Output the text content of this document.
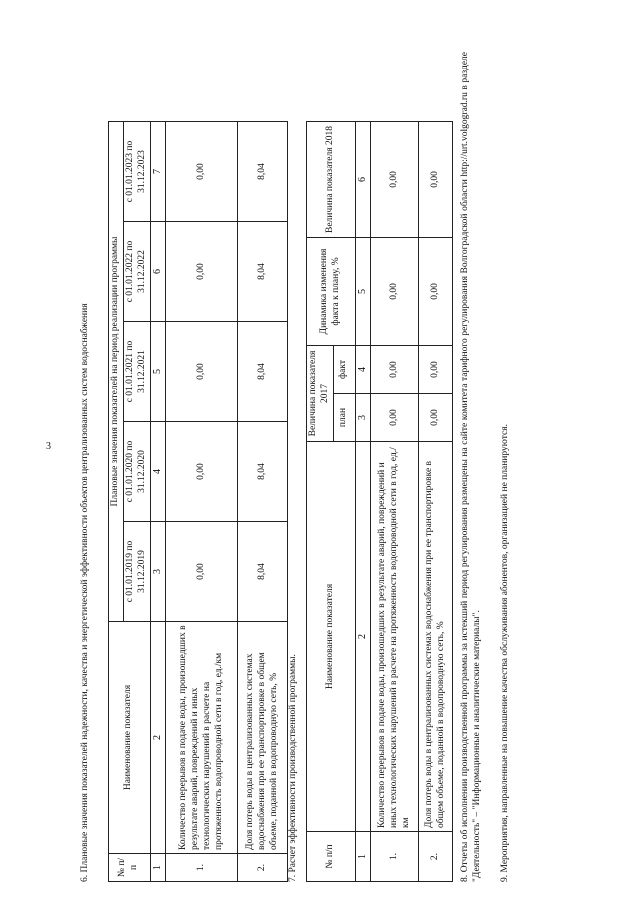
3	6. Плановые значения показателей надежности, качества и энергетической эффективности объектов централизованных систем водоснабжения	№ п/п	Наименование показателя	Плановые значения показателей на период реализации программы				
		с 01.01.2019 по 31.12.2019	с 01.01.2020 по 31.12.2020	с 01.01.2021 по 31.12.2021	с 01.01.2022 по 31.12.2022	с 01.01.2023 по 31.12.2023
1	2	3	4	5	6	7
1.	Количество перерывов в подаче воды, произошедших в результате аварий, повреждений и иных технологических нарушений в расчете на протяженность водопроводной сети в год, ед./км	0,00	0,00	0,00	0,00	0,00
2.	Доля потерь воды в централизованных системах водоснабжения при ее транспортировке в общем объеме, поданной в водопроводную сеть, %	8,04	8,04	8,04	8,04	8,04

7. Расчет эффективности производственной программы.	№ п/п	Наименование показателя	Величина показателя 2017		Динамика изменения факта к плану, %	Величина показателя 2018
		план	факт		
1	2	3	4	5	6
1.	Количество перерывов в подаче воды, произошедших в результате аварий, повреждений и иных технологических нарушений в расчете на протяженность водопроводной сети в год, ед./км	0,00	0,00	0,00	0,00
2.	Доля потерь воды в централизованных системах водоснабжения при ее транспортировке в общем объеме, поданной в водопроводную сеть, %	0,00	0,00	0,00	0,00 8. Отчеты об исполнении производственной программы за истекший период регулирования размещены на сайте комитета тарифного регулирования Волгоградской области http://urt.volgograd.ru в разделе "Деятельность" – "Информационные и аналитические материалы". 9. Мероприятия, направленные на повышение качества обслуживания абонентов, организацией не планируются.
